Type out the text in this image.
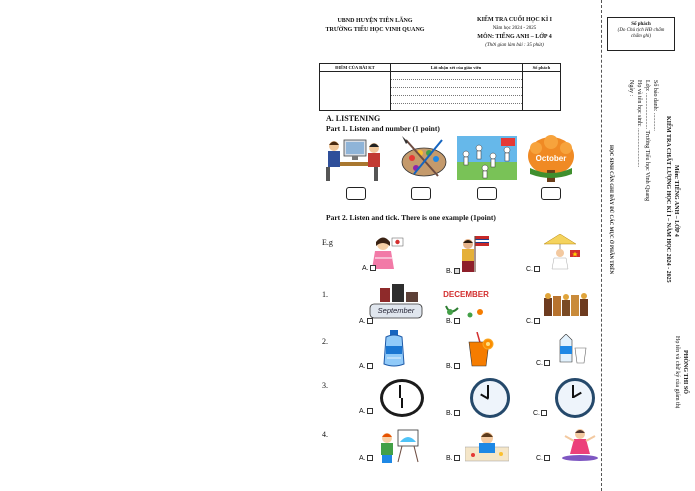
UBND HUYỆN TIÊN LÃNG
TRƯỜNG TIỂU HỌC VINH QUANG
KIỂM TRA CUỐI HỌC KÌ I
Năm học 2024 - 2025
MÔN: TIẾNG ANH – LỚP 4
(Thời gian làm bài : 35 phút)
ĐIỂM CỦA BÀI KT	Lời nhận xét của giáo viên	Số phách
Số phách
(Do Chủ tịch HĐ chấm
chấm ghi)
A. LISTENING
Part 1. Listen and number (1 point)
October
Part 2. Listen and tick. There is one example (1point)
E.g
A.	B.	C.
1.
September
A.
DECEMBER
B.	C.
2.
A.	B.	C.
3.
A.	B.	C.
4.
A.	B.	C.
HỌC SINH CẦN GHI ĐẦY ĐỦ CÁC MỤC Ở PHẦN TRÊN
Ngày : Họ và tên học sinh: .......................... Lớp: ........................ Trường Tiểu học Vinh Quang Số báo danh: ............
KIỂM TRA CHẤT LƯỢNG HỌC KÌ I – NĂM HỌC 2024 - 2025 Môn: TIẾNG ANH – LỚP 4
PHÒNG THI SỐ
Họ tên và chữ ký của giám thị
